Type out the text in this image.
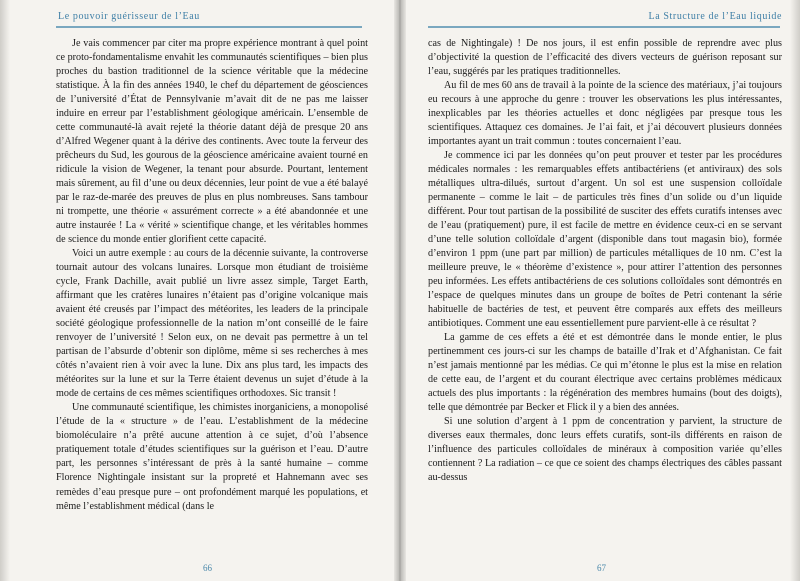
Le pouvoir guérisseur de l’Eau

Je vais commencer par citer ma propre expérience montrant à quel point ce proto-fondamentalisme envahit les communautés scientifiques – bien plus proches du bastion traditionnel de la science véritable que la médecine statistique. À la fin des années 1940, le chef du département de géosciences de l’université d’État de Pennsylvanie m’avait dit de ne pas me laisser induire en erreur par l’establishment géologique américain. L’ensemble de cette communauté-là avait rejeté la théorie datant déjà de presque 20 ans d’Alfred Wegener quant à la dérive des continents. Avec toute la ferveur des prêcheurs du Sud, les gourous de la géoscience américaine avaient tourné en ridicule la vision de Wegener, la tenant pour absurde. Pourtant, lentement mais sûrement, au fil d’une ou deux décennies, leur point de vue a été balayé par le raz-de-marée des preuves de plus en plus nombreuses. Sans tambour ni trompette, une théorie « assurément correcte » a été abandonnée et une autre instaurée ! La « vérité » scientifique change, et les véritables hommes de science du monde entier glorifient cette capacité.

Voici un autre exemple : au cours de la décennie suivante, la controverse tournait autour des volcans lunaires. Lorsque mon étudiant de troisième cycle, Frank Dachille, avait publié un livre assez simple, Target Earth, affirmant que les cratères lunaires n’étaient pas d’origine volcanique mais avaient été creusés par l’impact des météorites, les leaders de la principale société géologique professionnelle de la nation m’ont conseillé de le faire renvoyer de l’université ! Selon eux, on ne devait pas permettre à un tel partisan de l’absurde d’obtenir son diplôme, même si ses recherches à mes côtés n’avaient rien à voir avec la lune. Dix ans plus tard, les impacts des météorites sur la lune et sur la Terre étaient devenus un sujet d’étude à la mode de certains de ces mêmes scientifiques orthodoxes. Sic transit !

Une communauté scientifique, les chimistes inorganiciens, a monopolisé l’étude de la « structure » de l’eau. L’establishment de la médecine biomoléculaire n’a prêté aucune attention à ce sujet, d’où l’absence pratiquement totale d’études scientifiques sur la guérison et l’eau. D’autre part, les personnes s’intéressant de près à la santé humaine – comme Florence Nightingale insistant sur la propreté et Hahnemann avec ses remèdes d’eau presque pure – ont profondément marqué les populations, et même l’establishment médical (dans le

66
La Structure de l’Eau liquide

cas de Nightingale) ! De nos jours, il est enfin possible de reprendre avec plus d’objectivité la question de l’efficacité des divers vecteurs de guérison reposant sur l’eau, suggérés par les pratiques traditionnelles.

Au fil de mes 60 ans de travail à la pointe de la science des matériaux, j’ai toujours eu recours à une approche du genre : trouver les observations les plus intéressantes, inexplicables par les théories actuelles et donc négligées par presque tous les scientifiques. Attaquez ces domaines. Je l’ai fait, et j’ai découvert plusieurs données importantes ayant un trait commun : toutes concernaient l’eau.

Je commence ici par les données qu’on peut prouver et tester par les procédures médicales normales : les remarquables effets antibactériens (et antiviraux) des sols métalliques ultra-dilués, surtout d’argent. Un sol est une suspension colloïdale permanente – comme le lait – de particules très fines d’un solide ou d’un liquide différent. Pour tout partisan de la possibilité de susciter des effets curatifs intenses avec de l’eau (pratiquement) pure, il est facile de mettre en évidence ceux-ci en se servant d’une telle solution colloïdale d’argent (disponible dans tout magasin bio), formée d’environ 1 ppm (une part par million) de particules métalliques de 10 nm. C’est la meilleure preuve, le « théorème d’existence », pour attirer l’attention des personnes peu informées. Les effets antibactériens de ces solutions colloïdales sont démontrés en l’espace de quelques minutes dans un groupe de boîtes de Petri contenant la série habituelle de bactéries de test, et peuvent être comparés aux effets des meilleurs antibiotiques. Comment une eau essentiellement pure parvient-elle à ce résultat ?

La gamme de ces effets a été et est démontrée dans le monde entier, le plus pertinemment ces jours-ci sur les champs de bataille d’Irak et d’Afghanistan. Ce fait n’est jamais mentionné par les médias. Ce qui m’étonne le plus est la mise en relation de cette eau, de l’argent et du courant électrique avec certains problèmes médicaux actuels des plus importants : la régénération des membres humains (bout des doigts), telle que démontrée par Becker et Flick il y a bien des années.

Si une solution d’argent à 1 ppm de concentration y parvient, la structure de diverses eaux thermales, donc leurs effets curatifs, sont-ils différents en raison de l’influence des particules colloïdales de minéraux à composition variée qu’elles contiennent ? La radiation – ce que ce soient des champs électriques des câbles passant au-dessus

67
